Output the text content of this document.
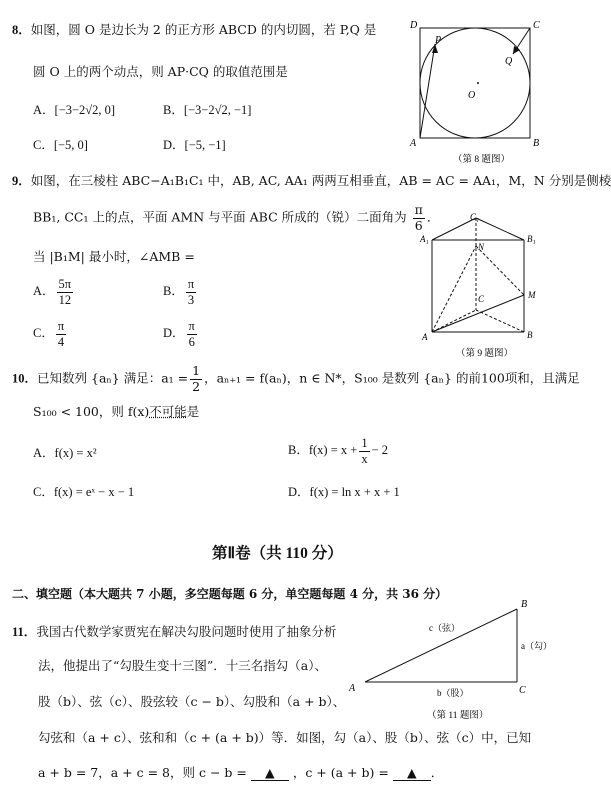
8．如图，圆 O 是边长为 2 的正方形 ABCD 的内切圆，若 P,Q 是
圆 O 上的两个动点，则 AP·CQ 的取值范围是
A．[−3−2√2, 0]	B．[−3−2√2, −1]
C．[−5, 0]	D．[−5, −1]
D	C
A	B
P
Q
O
（第 8 题图）
9．如图，在三棱柱 ABC−A₁B₁C₁ 中，AB, AC, AA₁ 两两互相垂直，AB = AC = AA₁，M，N 分别是侧棱
BB₁, CC₁ 上的点，平面 AMN 与平面 ABC 所成的（锐）二面角为 $\frac{\pi}{6}$ ．
当 |B₁M| 最小时，∠AMB =
A． $\frac{5\pi}{12}$	B． $\frac{\pi}{3}$
C． $\frac{\pi}{4}$	D． $\frac{\pi}{6}$
C₁
A₁	B₁
N
C	M
A	B
（第 9 题图）
10．已知数列 {aₙ} 满足：$a_1 = \frac{1}{2}$ ，aₙ₊₁ = f(aₙ)，n ∈ N*，S₁₀₀ 是数列 {aₙ} 的前100项和，且满足
S₁₀₀ < 100，则 f(x)不可能是
A．f(x) = x²	B．$f(x) = x + \frac{1}{x} - 2$
C．f(x) = eˣ − x − 1	D．f(x) = ln x + x + 1
第Ⅱ卷（共 110 分）
二、填空题（本大题共 7 小题，多空题每题 6 分，单空题每题 4 分，共 36 分）
11．我国古代数学家贾宪在解决勾股问题时使用了抽象分析
法，他提出了“勾股生变十三图”．十三名指勾（a）、
股（b）、弦（c）、股弦较（c − b）、勾股和（a + b）、
勾弦和（a + c）、弦和和（c + (a + b)）等．如图，勾（a）、股（b）、弦（c）中，已知
a + b = 7，a + c = 8，则 c − b = ▲ ，c + (a + b) = ▲ ．
B
A	C
c（弦）
a（勾）
b（股）
（第 11 题图）
